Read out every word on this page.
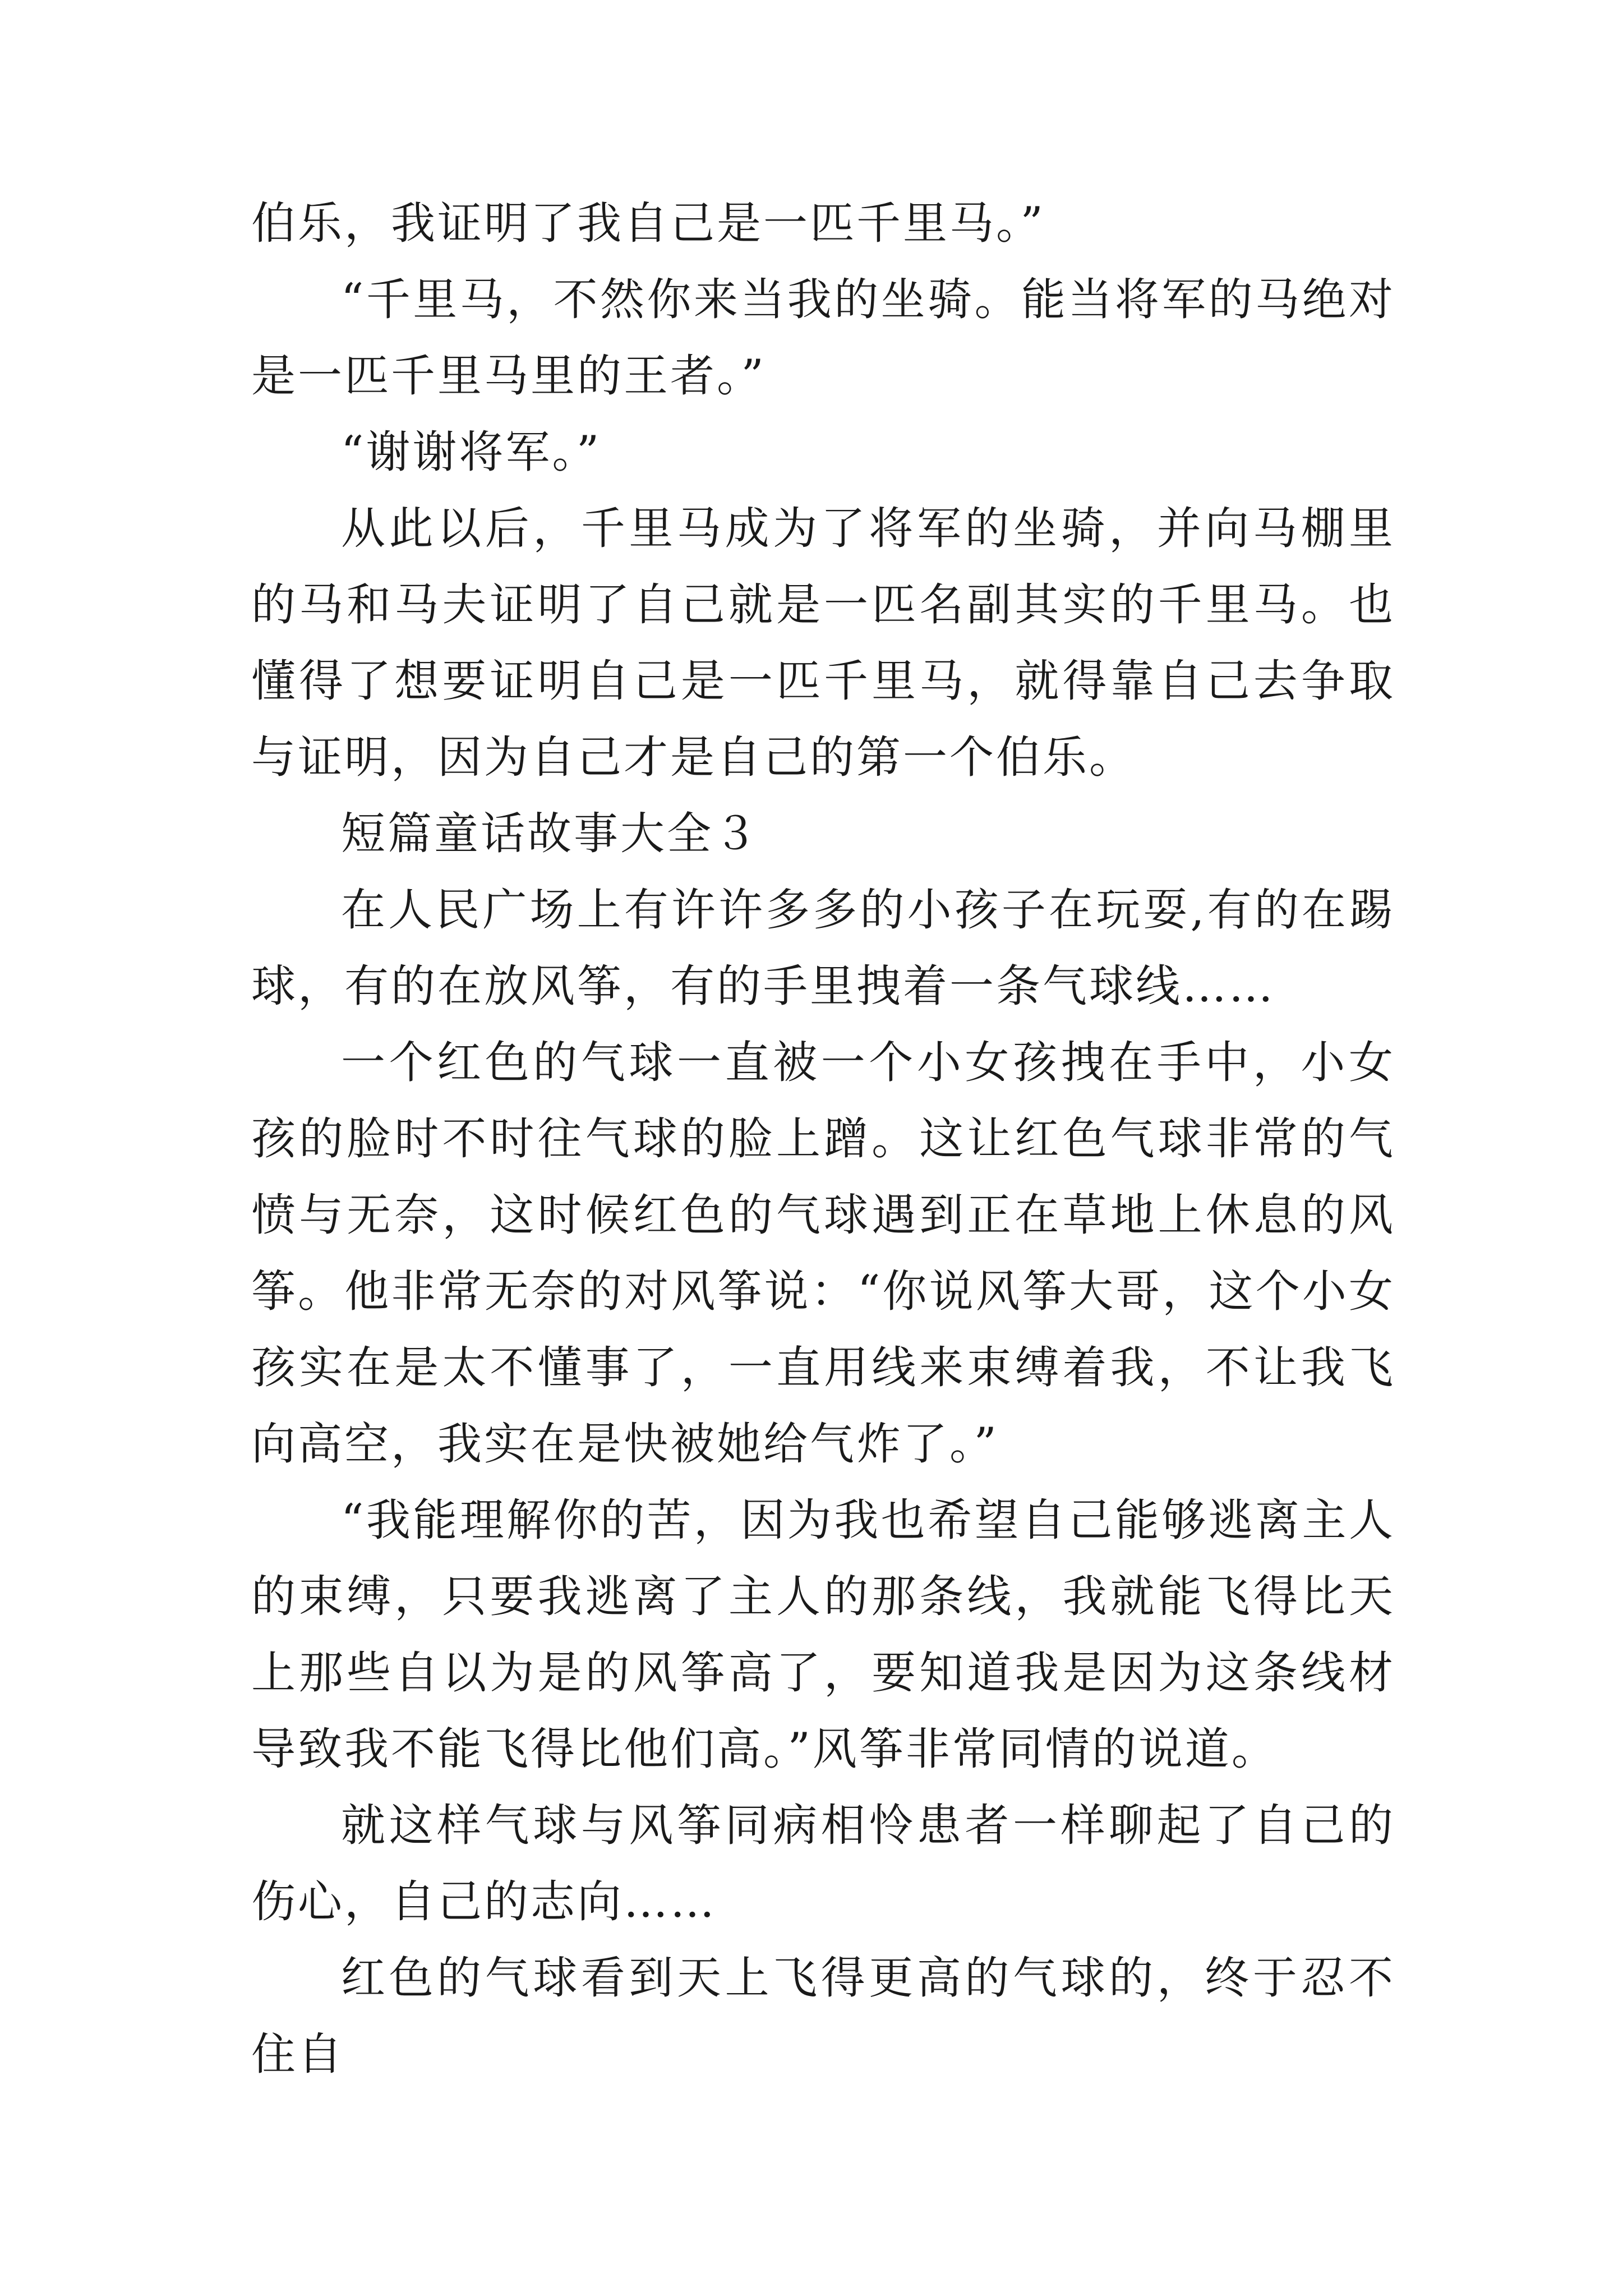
伯乐，我证明了我自己是一匹千里马。”

“千里马，不然你来当我的坐骑。能当将军的马绝对是一匹千里马里的王者。”

“谢谢将军。”

从此以后，千里马成为了将军的坐骑，并向马棚里的马和马夫证明了自己就是一匹名副其实的千里马。也懂得了想要证明自己是一匹千里马，就得靠自己去争取与证明，因为自己才是自己的第一个伯乐。

短篇童话故事大全３

在人民广场上有许许多多的小孩子在玩耍,有的在踢球，有的在放风筝，有的手里拽着一条气球线……

一个红色的气球一直被一个小女孩拽在手中，小女孩的脸时不时往气球的脸上蹭。这让红色气球非常的气愤与无奈，这时候红色的气球遇到正在草地上休息的风筝。他非常无奈的对风筝说：“你说风筝大哥，这个小女孩实在是太不懂事了，一直用线来束缚着我，不让我飞向高空，我实在是快被她给气炸了。”

“我能理解你的苦，因为我也希望自己能够逃离主人的束缚，只要我逃离了主人的那条线，我就能飞得比天上那些自以为是的风筝高了，要知道我是因为这条线材导致我不能飞得比他们高。”风筝非常同情的说道。

就这样气球与风筝同病相怜患者一样聊起了自己的伤心，自己的志向……

红色的气球看到天上飞得更高的气球的，终于忍不住自
